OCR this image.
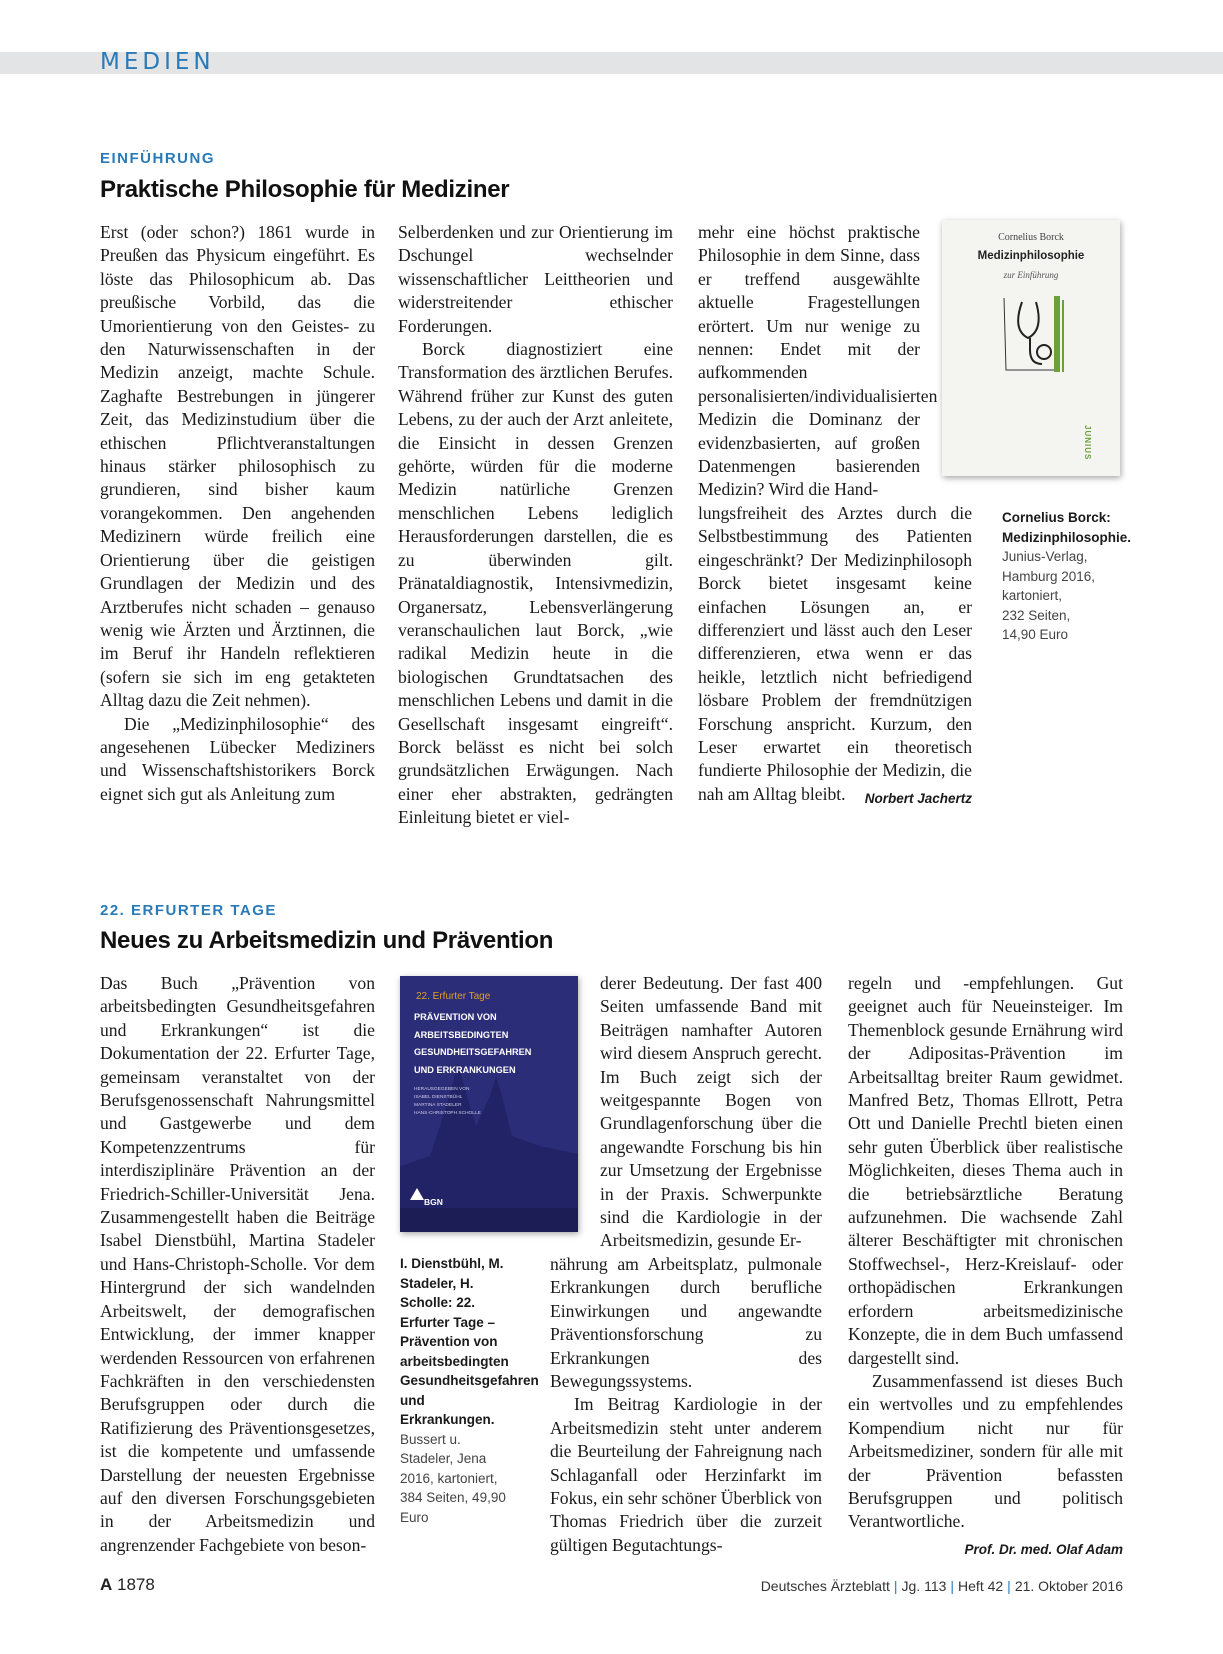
MEDIEN
EINFÜHRUNG
Praktische Philosophie für Mediziner

Erst (oder schon?) 1861 wurde in Preußen das Physicum eingeführt. Es löste das Philosophicum ab. Das preußische Vorbild, das die Umorientierung von den Geistes- zu den Naturwissenschaften in der Medizin anzeigt, machte Schule. Zaghafte Bestrebungen in jüngerer Zeit, das Medizinstudium über die ethischen Pflichtveranstaltungen hinaus stärker philosophisch zu grundieren, sind bisher kaum vorangekommen. Den angehenden Medizinern würde freilich eine Orientierung über die geistigen Grundlagen der Medizin und des Arztberufes nicht schaden – genauso wenig wie Ärzten und Ärztinnen, die im Beruf ihr Handeln reflektieren (sofern sie sich im eng getakteten Alltag dazu die Zeit nehmen).

Die „Medizinphilosophie“ des angesehenen Lübecker Mediziners und Wissenschaftshistorikers Borck eignet sich gut als Anleitung zum

Selberdenken und zur Orientierung im Dschungel wechselnder wissenschaftlicher Leittheorien und widerstreitender ethischer Forderungen.

Borck diagnostiziert eine Transformation des ärztlichen Berufes. Während früher zur Kunst des guten Lebens, zu der auch der Arzt anleitete, die Einsicht in dessen Grenzen gehörte, würden für die moderne Medizin natürliche Grenzen menschlichen Lebens lediglich Herausforderungen darstellen, die es zu überwinden gilt. Pränataldiagnostik, Intensivmedizin, Organersatz, Lebensverlängerung veranschaulichen laut Borck, „wie radikal Medizin heute in die biologischen Grundtatsachen des menschlichen Lebens und damit in die Gesellschaft insgesamt eingreift“. Borck belässt es nicht bei solch grundsätzlichen Erwägungen. Nach einer eher abstrakten, gedrängten Einleitung bietet er viel-

mehr eine höchst praktische Philosophie in dem Sinne, dass er treffend ausgewählte aktuelle Fragestellungen erörtert. Um nur wenige zu nennen: Endet mit der aufkommenden personalisierten/individualisierten Medizin die Dominanz der evidenzbasierten, auf großen Datenmengen basierenden Medizin? Wird die Hand-

lungsfreiheit des Arztes durch die Selbstbestimmung des Patienten eingeschränkt? Der Medizinphilosoph Borck bietet insgesamt keine einfachen Lösungen an, er differenziert und lässt auch den Leser differenzieren, etwa wenn er das heikle, letztlich nicht befriedigend lösbare Problem der fremdnützigen Forschung anspricht. Kurzum, den Leser erwartet ein theoretisch fundierte Philosophie der Medizin, die nah am Alltag bleibt. Norbert Jachertz

Cornelius Borck
Medizinphilosophie
zur Einführung
JUNIUS
Cornelius Borck: Medizinphilosophie.
Junius-Verlag,
Hamburg 2016,
kartoniert,
232 Seiten,
14,90 Euro
22. ERFURTER TAGE
Neues zu Arbeitsmedizin und Prävention

Das Buch „Prävention von arbeitsbedingten Gesundheitsgefahren und Erkrankungen“ ist die Dokumentation der 22. Erfurter Tage, gemeinsam veranstaltet von der Berufsgenossenschaft Nahrungsmittel und Gastgewerbe und dem Kompetenzzentrums für interdisziplinäre Prävention an der Friedrich-Schiller-Universität Jena. Zusammengestellt haben die Beiträge Isabel Dienstbühl, Martina Stadeler und Hans-Christoph-Scholle. Vor dem Hintergrund der sich wandelnden Arbeitswelt, der demografischen Entwicklung, der immer knapper werdenden Ressourcen von erfahrenen Fachkräften in den verschiedensten Berufsgruppen oder durch die Ratifizierung des Präventionsgesetzes, ist die kompetente und umfassende Darstellung der neuesten Ergebnisse auf den diversen Forschungsgebieten in der Arbeitsmedizin und angrenzender Fachgebiete von beson-

22. Erfurter Tage
PRÄVENTION VON
ARBEITSBEDINGTEN
GESUNDHEITSGEFAHREN
UND ERKRANKUNGEN
HERAUSGEGEBEN VON
ISABEL DIENSTBÜHL
MARTINA STADELER
HANS-CHRISTOPH SCHOLLE
BGN
I. Dienstbühl, M. Stadeler, H. Scholle: 22. Erfurter Tage – Prävention von arbeitsbedingten Gesundheitsgefahren und Erkrankungen.
Bussert u. Stadeler, Jena 2016, kartoniert, 384 Seiten, 49,90 Euro

derer Bedeutung. Der fast 400 Seiten umfassende Band mit Beiträgen namhafter Autoren wird diesem Anspruch gerecht. Im Buch zeigt sich der weitgespannte Bogen von Grundlagenforschung über die angewandte Forschung bis hin zur Umsetzung der Ergebnisse in der Praxis. Schwerpunkte sind die Kardiologie in der Arbeitsmedizin, gesunde Er-

nährung am Arbeitsplatz, pulmonale Erkrankungen durch berufliche Einwirkungen und angewandte Präventionsforschung zu Erkrankungen des Bewegungssystems.

Im Beitrag Kardiologie in der Arbeitsmedizin steht unter anderem die Beurteilung der Fahreignung nach Schlaganfall oder Herzinfarkt im Fokus, ein sehr schöner Überblick von Thomas Friedrich über die zurzeit gültigen Begutachtungs-

regeln und -empfehlungen. Gut geeignet auch für Neueinsteiger. Im Themenblock gesunde Ernährung wird der Adipositas-Prävention im Arbeitsalltag breiter Raum gewidmet. Manfred Betz, Thomas Ellrott, Petra Ott und Danielle Prechtl bieten einen sehr guten Überblick über realistische Möglichkeiten, dieses Thema auch in die betriebsärztliche Beratung aufzunehmen. Die wachsende Zahl älterer Beschäftigter mit chronischen Stoffwechsel-, Herz-Kreislauf- oder orthopädischen Erkrankungen erfordern arbeitsmedizinische Konzepte, die in dem Buch umfassend dargestellt sind.

Zusammenfassend ist dieses Buch ein wertvolles und zu empfehlendes Kompendium nicht nur für Arbeitsmediziner, sondern für alle mit der Prävention befassten Berufsgruppen und politisch Verantwortliche.
Prof. Dr. med. Olaf Adam

A 1878	Deutsches Ärzteblatt | Jg. 113 | Heft 42 | 21. Oktober 2016
